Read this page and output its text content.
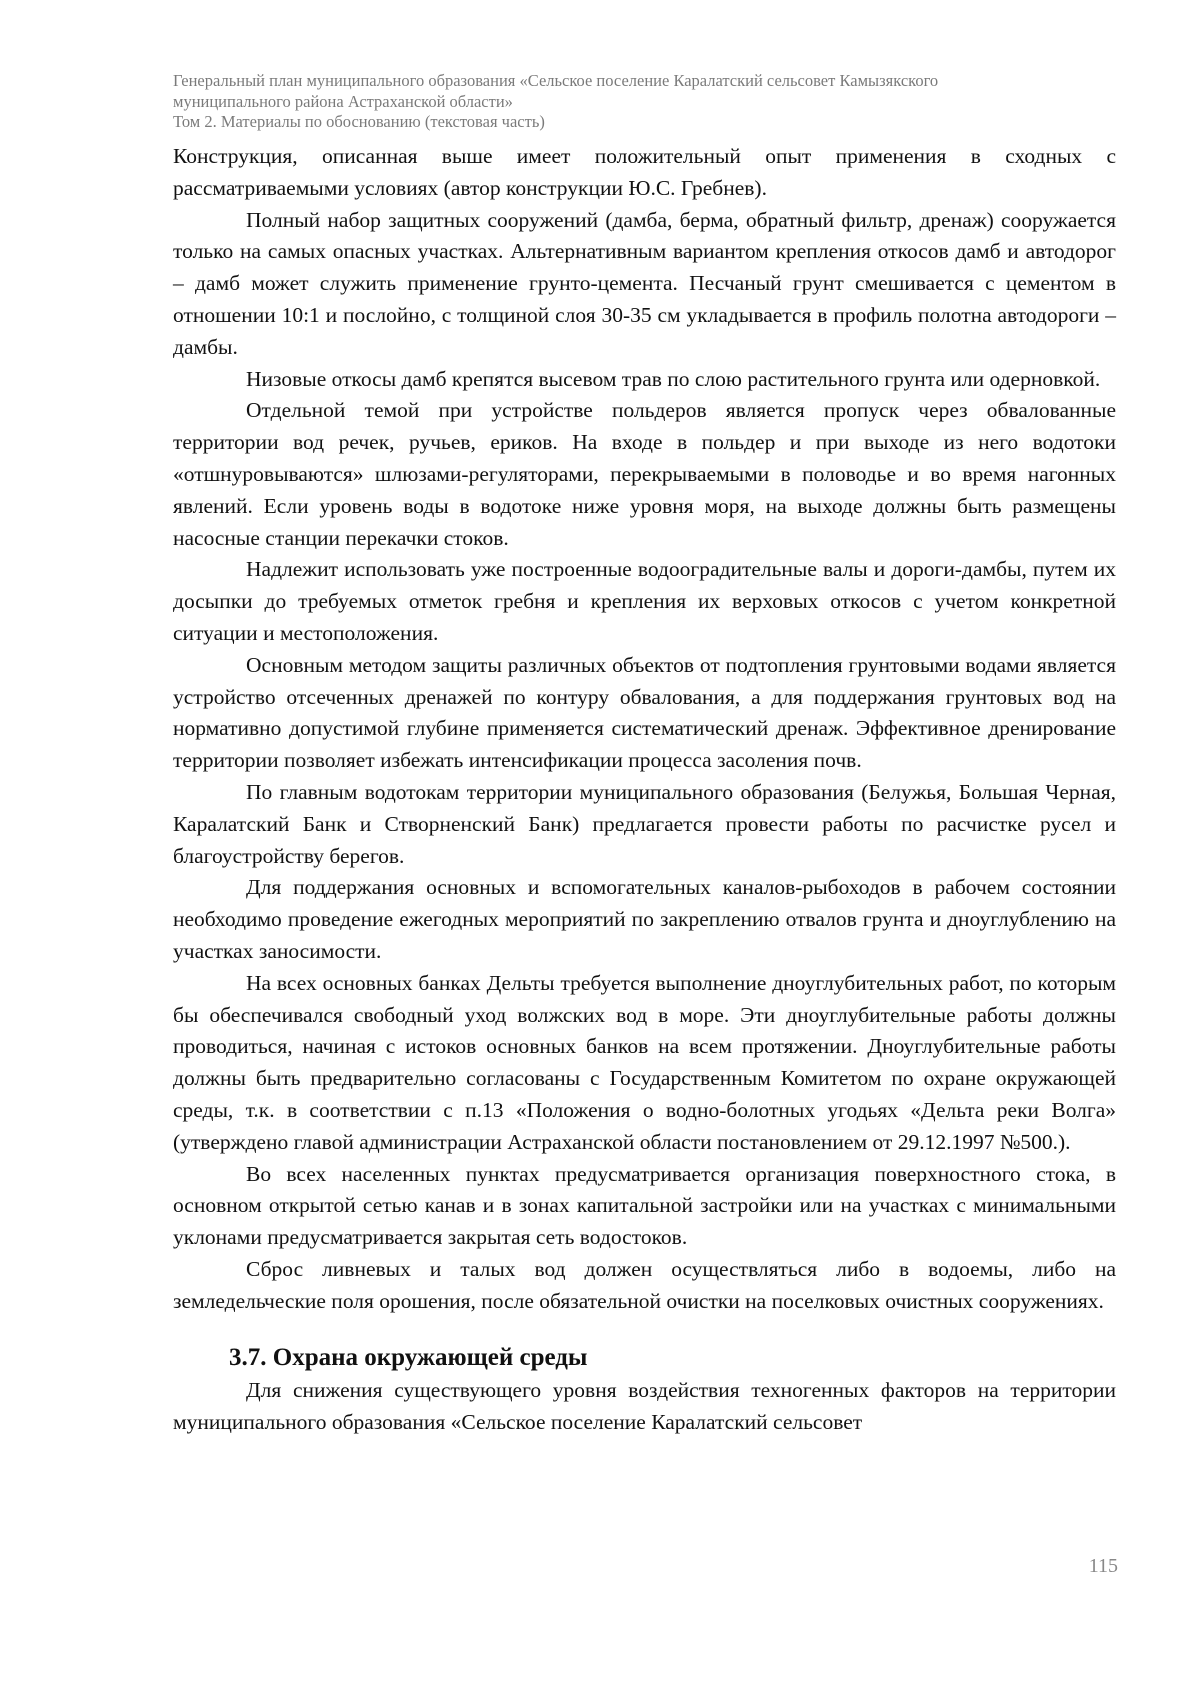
Генеральный план муниципального образования «Сельское поселение Каралатский сельсовет Камызякского
муниципального района Астраханской области»
Том 2. Материалы по обоснованию (текстовая часть)

Конструкция, описанная выше имеет положительный опыт применения в сходных с рассматриваемыми условиях (автор конструкции Ю.С. Гребнев).

Полный набор защитных сооружений (дамба, берма, обратный фильтр, дренаж) сооружается только на самых опасных участках. Альтернативным вариантом крепления откосов дамб и автодорог – дамб может служить применение грунто-цемента. Песчаный грунт смешивается с цементом в отношении 10:1 и послойно, с толщиной слоя 30-35 см укладывается в профиль полотна автодороги – дамбы.

Низовые откосы дамб крепятся высевом трав по слою растительного грунта или одерновкой.

Отдельной темой при устройстве польдеров является пропуск через обвалованные территории вод речек, ручьев, ериков. На входе в польдер и при выходе из него водотоки «отшнуровываются» шлюзами-регуляторами, перекрываемыми в половодье и во время нагонных явлений. Если уровень воды в водотоке ниже уровня моря, на выходе должны быть размещены насосные станции перекачки стоков.

Надлежит использовать уже построенные водооградительные валы и дороги-дамбы, путем их досыпки до требуемых отметок гребня и крепления их верховых откосов с учетом конкретной ситуации и местоположения.

Основным методом защиты различных объектов от подтопления грунтовыми водами является устройство отсеченных дренажей по контуру обвалования, а для поддержания грунтовых вод на нормативно допустимой глубине применяется систематический дренаж. Эффективное дренирование территории позволяет избежать интенсификации процесса засоления почв.

По главным водотокам территории муниципального образования (Белужья, Большая Черная, Каралатский Банк и Створненский Банк) предлагается провести работы по расчистке русел и благоустройству берегов.

Для поддержания основных и вспомогательных каналов-рыбоходов в рабочем состоянии необходимо проведение ежегодных мероприятий по закреплению отвалов грунта и дноуглублению на участках заносимости.

На всех основных банках Дельты требуется выполнение дноуглубительных работ, по которым бы обеспечивался свободный уход волжских вод в море. Эти дноуглубительные работы должны проводиться, начиная с истоков основных банков на всем протяжении. Дноуглубительные работы должны быть предварительно согласованы с Государственным Комитетом по охране окружающей среды, т.к. в соответствии с п.13 «Положения о водно-болотных угодьях «Дельта реки Волга» (утверждено главой администрации Астраханской области постановлением от 29.12.1997 №500.).

Во всех населенных пунктах предусматривается организация поверхностного стока, в основном открытой сетью канав и в зонах капитальной застройки или на участках с минимальными уклонами предусматривается закрытая сеть водостоков.

Сброс ливневых и талых вод должен осуществляться либо в водоемы, либо на земледельческие поля орошения, после обязательной очистки на поселковых очистных сооружениях.

3.7. Охрана окружающей среды

Для снижения существующего уровня воздействия техногенных факторов на территории муниципального образования «Сельское поселение Каралатский сельсовет

115
